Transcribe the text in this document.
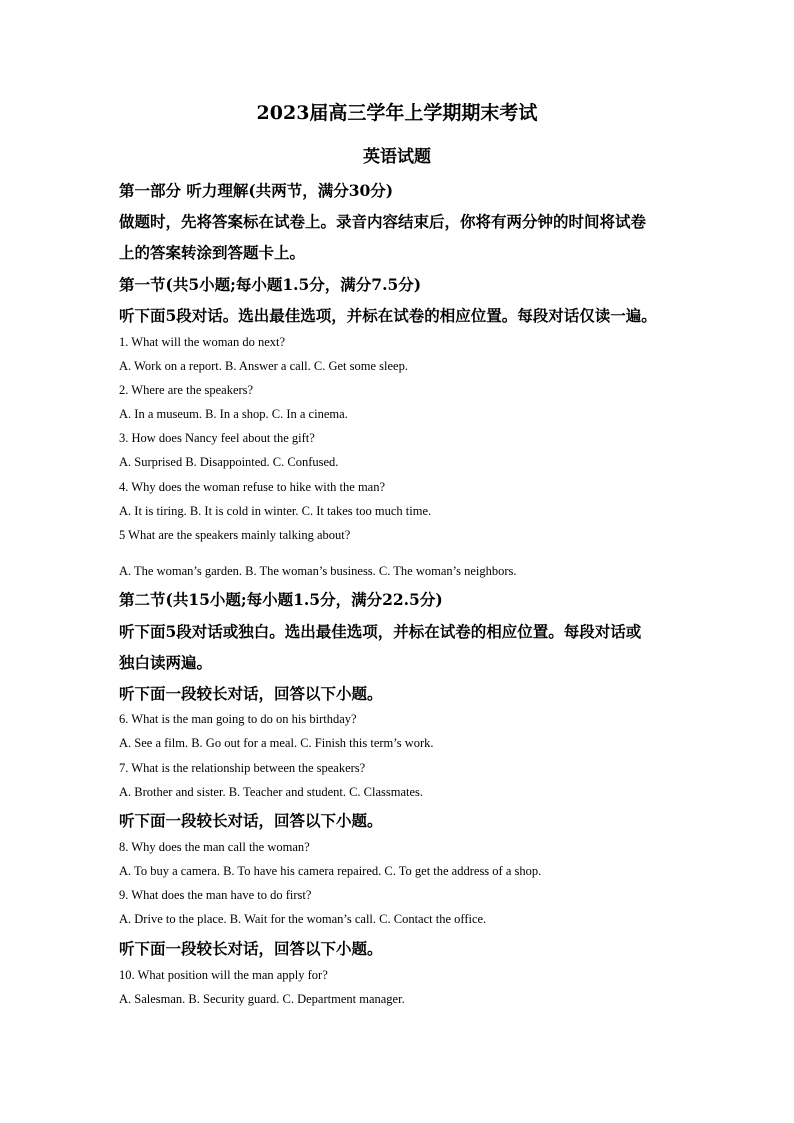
2023届高三学年上学期期末考试
英语试题
第一部分 听力理解(共两节，满分30分)
做题时，先将答案标在试卷上。录音内容结束后，你将有两分钟的时间将试卷
上的答案转涂到答题卡上。
第一节(共5小题;每小题1.5分，满分7.5分)
听下面5段对话。选出最佳选项，并标在试卷的相应位置。每段对话仅读一遍。
1. What will the woman do next?
A. Work on a report. B. Answer a call. C. Get some sleep.
2. Where are the speakers?
A. In a museum. B. In a shop. C. In a cinema.
3. How does Nancy feel about the gift?
A. Surprised B. Disappointed. C. Confused.
4. Why does the woman refuse to hike with the man?
A. It is tiring. B. It is cold in winter. C. It takes too much time.
5 What are the speakers mainly talking about?
A. The woman’s garden. B. The woman’s business. C. The woman’s neighbors.
第二节(共15小题;每小题1.5分，满分22.5分)
听下面5段对话或独白。选出最佳选项，并标在试卷的相应位置。每段对话或
独白读两遍。
听下面一段较长对话，回答以下小题。
6. What is the man going to do on his birthday?
A. See a film. B. Go out for a meal. C. Finish this term’s work.
7. What is the relationship between the speakers?
A. Brother and sister. B. Teacher and student. C. Classmates.
听下面一段较长对话，回答以下小题。
8. Why does the man call the woman?
A. To buy a camera. B. To have his camera repaired. C. To get the address of a shop.
9. What does the man have to do first?
A. Drive to the place. B. Wait for the woman’s call. C. Contact the office.
听下面一段较长对话，回答以下小题。
10. What position will the man apply for?
A. Salesman. B. Security guard. C. Department manager.
